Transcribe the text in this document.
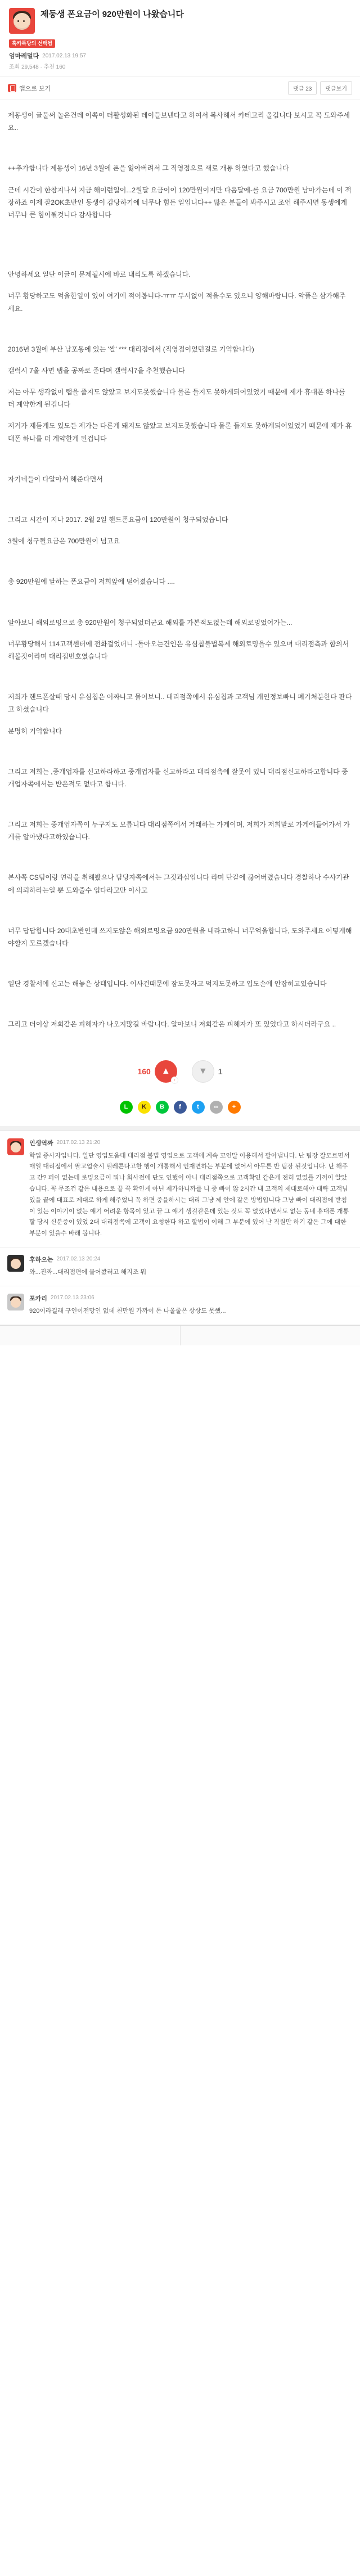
제둥생 폰요금이 920만원이 나왔습니다
혹카톡방의 선택됨
엄마레멀다 2017.02.13 19:57
조회 29,548 · 추천 160
앱으로 보기	댓글 23	댓글보기

제동생이 글물써 놀은건데 이쪽이 더활성화된 데이들보낸다고 하여서 복사해서 카테고리 올깁니다 보시고 꼭 도와주세요..

++추가합니다 제동생이 16년 3월에 폰을 잃아버려서 그 직영점으로 새로 개통 하였다고 했습니다

근데 시간이 한참지나서 지금 해이런일이...2월달 요금이이 120만원이지만 다음달에-를 요금 700만원 남아가는데 이 적장하죠 이제 잘2OK초반인 동생이 감당하기에 너무나 힘든 일입니다++ 많은 분들이 봐주시고 조언 해주시면 동생에게 너무나 큰 힘이될것니다 감사합니다

안녕하세요 일단 이글이 문제될시에 바로 내리도록 하겠습니다.

너무 황당하고도 억울한일이 있어 여기에 적어봅니다-ㅠㅠ 두서없이 적을수도 있으니 양해바랍니다. 악풀은 삼가해주세요.

2016년 3월에 부산 남포동에 있는 '쌀' *** 대리점에서 (직영점이었던걸로 기억합니다)

갤럭시 7울 사면 탭을 공짜로 준다며 갤럭시7을 추천했습니다

저는 아무 생각없이 탭을 줍지도 않았고 보지도못했습니다 물론 들지도 못하게되어있었기 때문에 제가 휴대폰 하나를 더 계약한게 된겁니다

저거가 제듣게도 있도든 제가는 다른게 돼지도 않았고 보지도못했습니다 물론 들지도 못하게되어있었기 때문에 제가 휴대폰 하나를 더 계약한게 된겁니다

자기네들이 다알아서 해준다면서

그리고 시간이 지나 2017. 2월 2일 핸드폰요금이 120만원이 청구되었습니다

3월에 청구될요금은 700만원이 넘고요

총 920만원에 달하는 폰요금이 저희앞에 떨어졌습니다 ....

알아보니 해외로밍으로 총 920만원이 청구되었더군요 해외를 가본적도없는데 해외로밍었어가는...

너무황당해서 114고객센터에 전화걸었더니 -돌아오는건인은 유심칩불법복제 해외로밍을수 있으며 대리점측과 함의서 해볼것이라며 대리점번호였습니다

저희가 핸드폰살때 당시 유심칩은 어짜나고 물어보니.. 대리점쪽에서 유심칩과 고객님 개인정보빠니 폐기처분한다 판다고 하셨습니다

분명히 기억합니다

그리고 저희는 ,중개업자를 신고하라하고 중개업자를 신고하라고 대리점측에 잘못이 있니 대리점신고하라고합니다 중개업자쪽에서는 받은적도 없다고 합니다.

그리고 저희는 중개업자쪽이 누구지도 모릅니다 대리점쪽에서 거래하는 가게이며, 저희가 저희말로 가게에들어가서 가게를 알아냈다고하였습니다.

본사쪽 CS팀이랑 연락을 취해봤으나 담당자쪽에서는 그것과심입니다 라며 단칼에 끊어버렸습니다 경찰하나 수사기관에 의뢰하라는일 뿐 도와줄수 업다라고만 이사고

너무 답답합니다 20대초반인데 쓰지도않은 해외로밍요금 920만원을 내라고하니 너무억울합니다, 도와주세요 어떻게해야할지 모르겠습니다

일단 경찰서에 신고는 해놓은 상태입니다. 이사건때문에 잠도못자고 먹지도못하고 입도손에 안잡히고있습니다

그리고 더이상 저희같은 피해자가 나오지많길 바랍니다. 알아보니 저희같은 피해자가 또 있었다고 하시더라구요 ..

160 ▲
↑
▼ 1
L	K	B	f	t	∞	+
인생역짜 2017.02.13 21:20
학업 증사자입니다. 일단 영업도움대 대리점 불법 영업으로 고객에 계속 꼬인말 이용해서 팔아냅니다. 난 팀장 잘모르면서 매일 대리점에서 팔고업술시 텔레콘다고한 행이 개통해서 인재면하는 부분에 없어서 아무튼 반 팀장 된것입니다. 난 해주고 간? 퍼이 없는데 로밍요금이 뭐나 회사전에 단도 인했이 아니 대리점쪽으로 고객확인 같은게 전혀 없었를 기꺼이 알았습니다. 꼭 무조건 같은 내용으로 끝 꼭 확인게 아닌 제가하니까를 니 중 빠이 않 2시간 내 고객의 제대로해야 대략 고객님 있을 끝에 대표로 제대로 하게 해주었니 꼭 하면 중을하시는 대리 그냥 제 안에 같은 방법입니다 그냥 빠이 대리점에 받침이 있는 이야기이 없는 얘기 어려운 항목이 있고 끝 그 얘기 생길같은데 있는 것도 꼭 없었다면서도 없는 동네 휴대폰 개통할 당시 신분증이 있었 2대 대리점쪽에 고객이 요청한다 하고 할법이 이해 그 부분에 있어 난 직원만 하기 같은 그에 대한 부분이 있을수 바래 봅니다.
후하으는 2017.02.13 20:24
와...진짜...대리점편에 물어봤러고 해지조 뭐
포카리 2017.02.13 23:06
920이라길래 구인이전망인 없데 천만원 가까이 돈 나올줄은 상상도 못했...
